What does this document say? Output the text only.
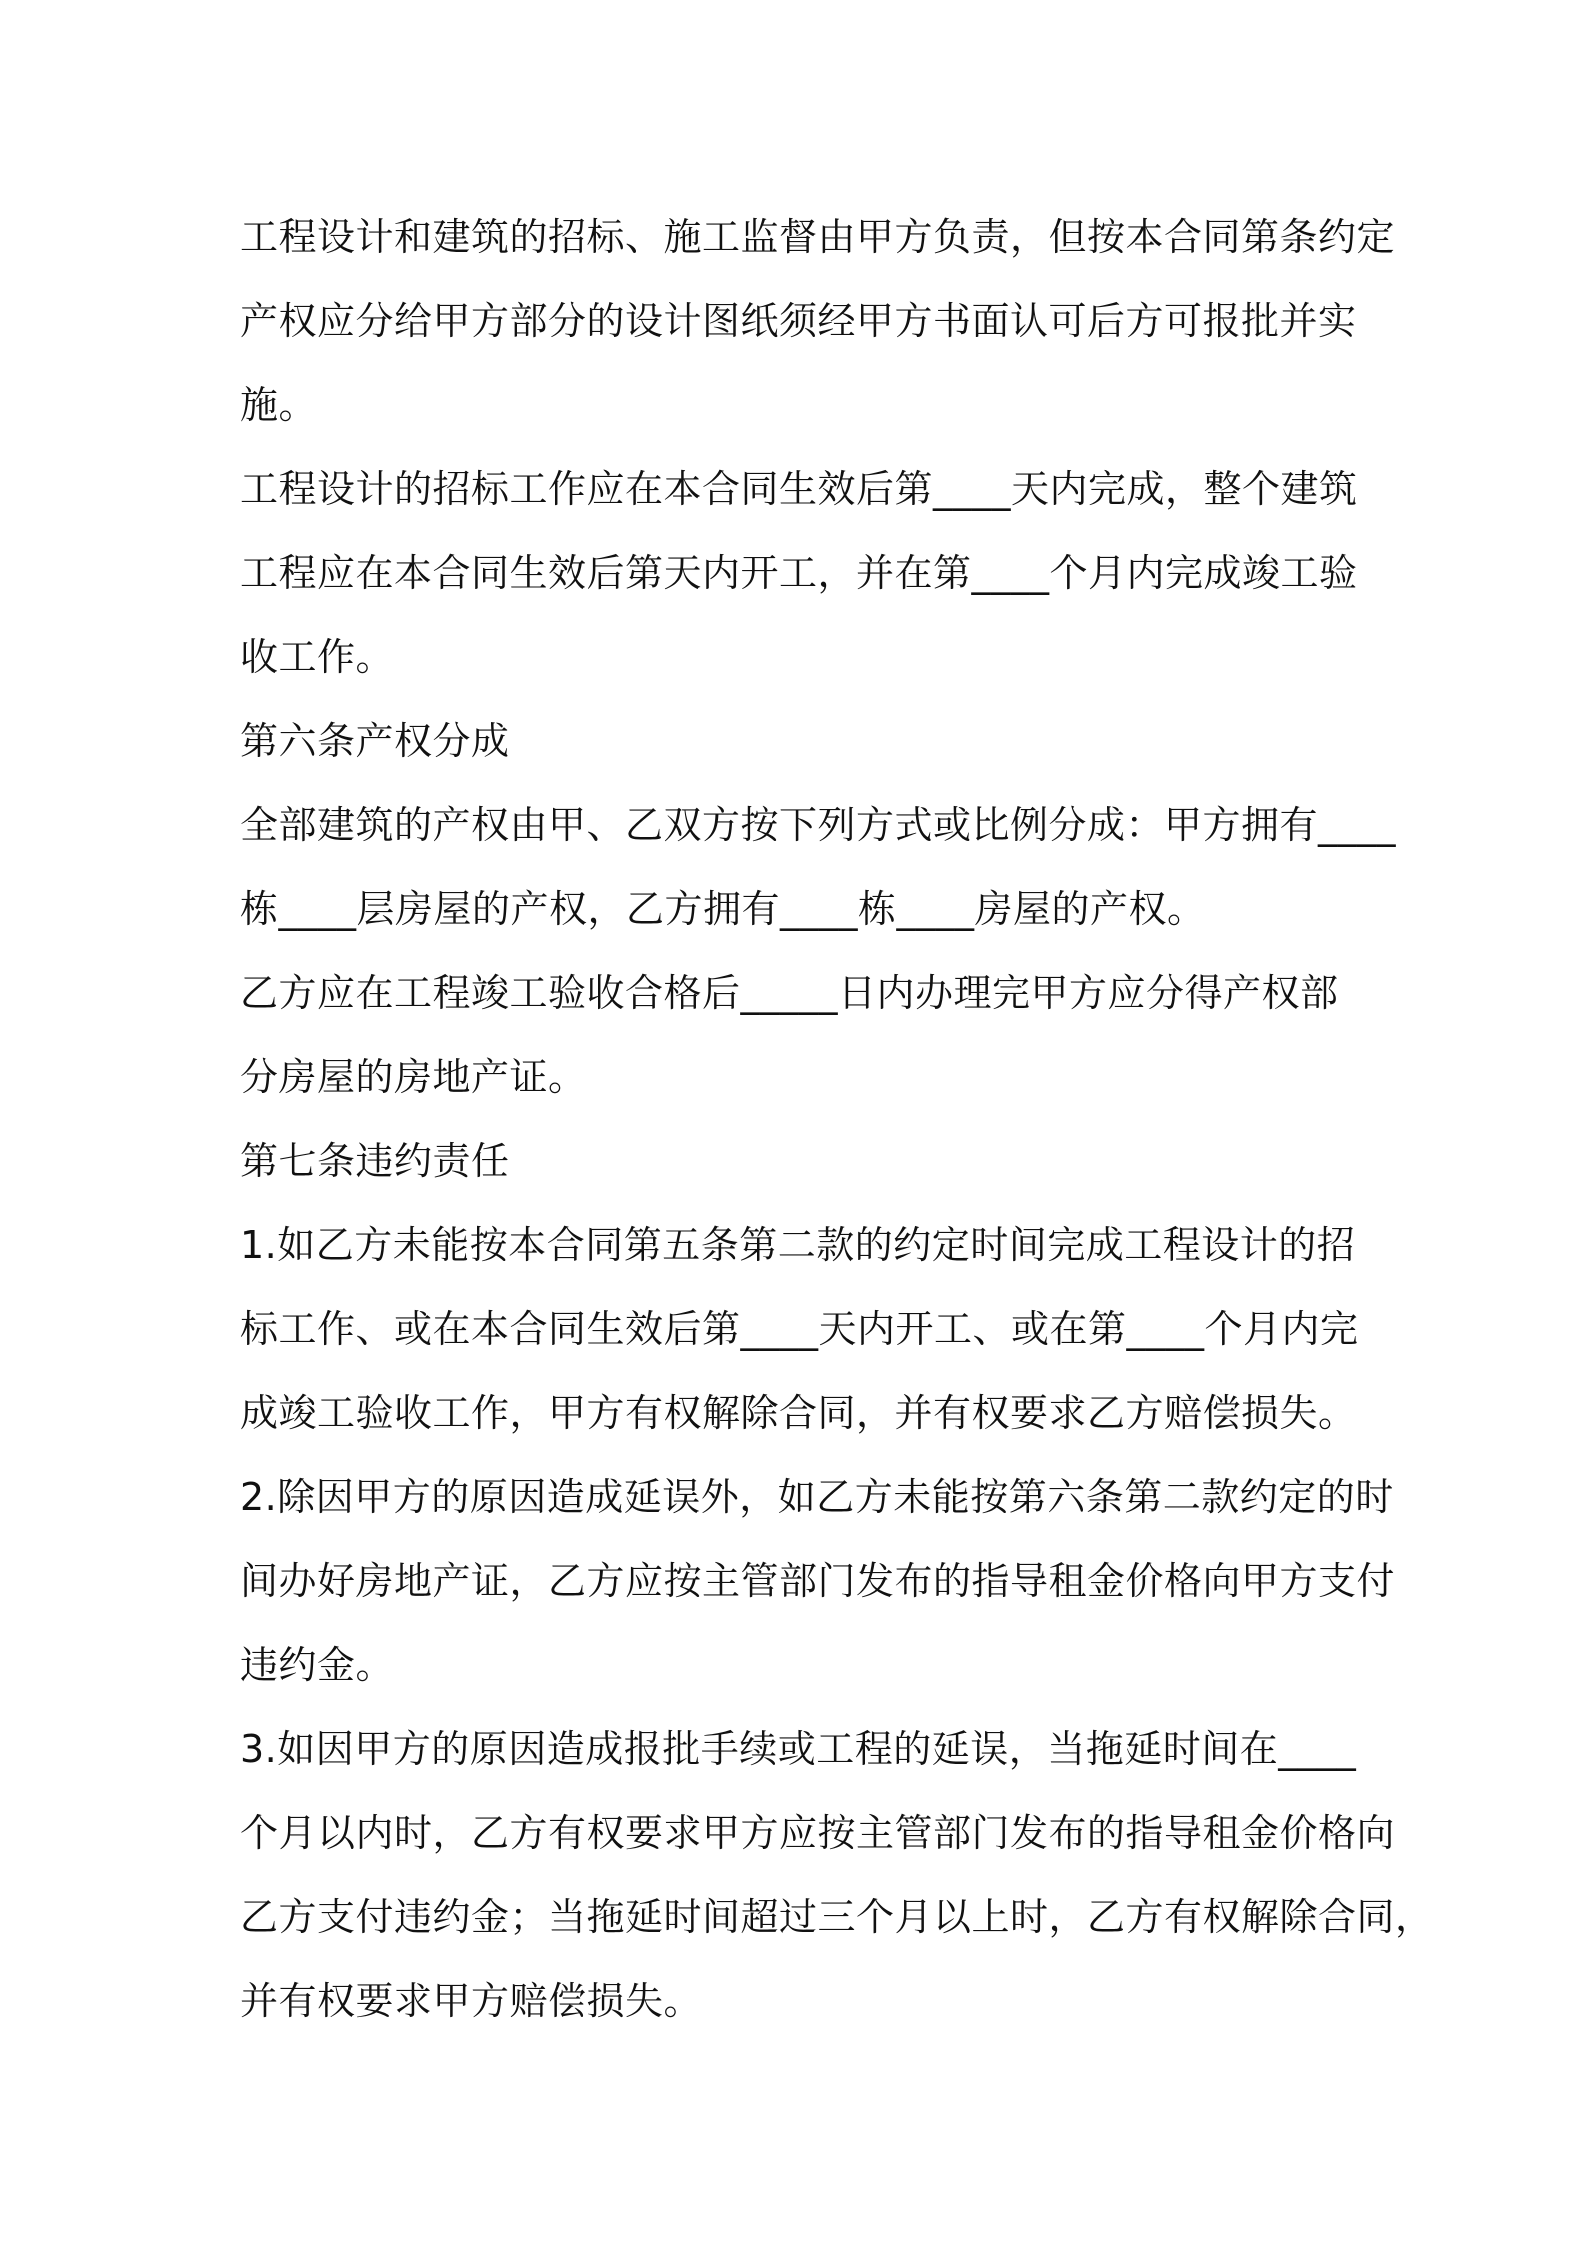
工程设计和建筑的招标、施工监督由甲方负责，但按本合同第条约定
产权应分给甲方部分的设计图纸须经甲方书面认可后方可报批并实
施。
工程设计的招标工作应在本合同生效后第____天内完成，整个建筑
工程应在本合同生效后第天内开工，并在第____个月内完成竣工验
收工作。
第六条产权分成
全部建筑的产权由甲、乙双方按下列方式或比例分成：甲方拥有____
栋____层房屋的产权，乙方拥有____栋____房屋的产权。
乙方应在工程竣工验收合格后_____日内办理完甲方应分得产权部
分房屋的房地产证。
第七条违约责任
1.如乙方未能按本合同第五条第二款的约定时间完成工程设计的招
标工作、或在本合同生效后第____天内开工、或在第____个月内完
成竣工验收工作，甲方有权解除合同，并有权要求乙方赔偿损失。
2.除因甲方的原因造成延误外，如乙方未能按第六条第二款约定的时
间办好房地产证，乙方应按主管部门发布的指导租金价格向甲方支付
违约金。
3.如因甲方的原因造成报批手续或工程的延误，当拖延时间在____
个月以内时，乙方有权要求甲方应按主管部门发布的指导租金价格向
乙方支付违约金；当拖延时间超过三个月以上时，乙方有权解除合同，
并有权要求甲方赔偿损失。
